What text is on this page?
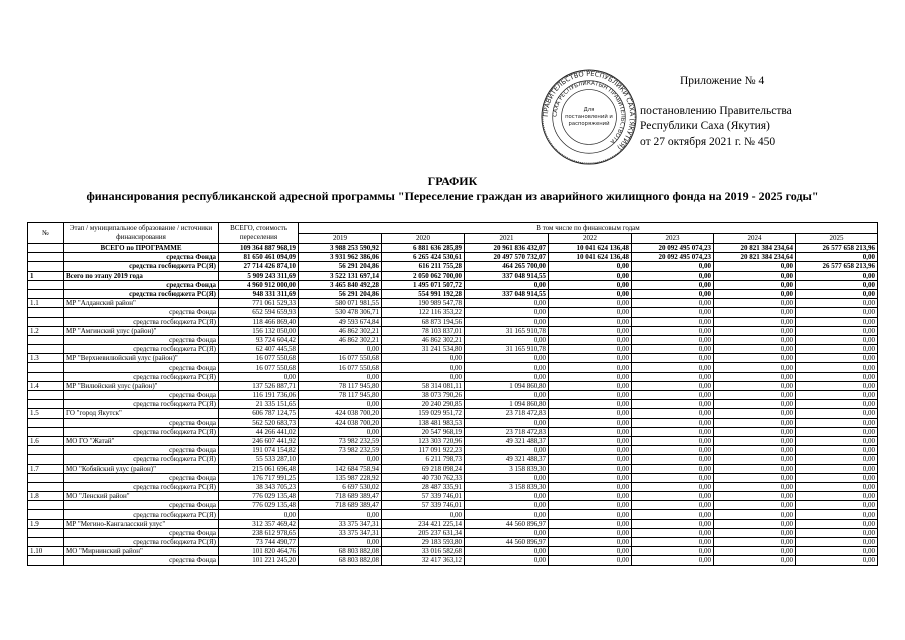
ПРАВИТЕЛЬСТВО РЕСПУБЛИКИ САХА (ЯКУТИЯ)
САХА РЕСПУБЛИКАТЫН ПРАВИТЕЛЬСТВОТА
Для
постановлений и
распоряжений
Приложение № 4
постановлению Правительства
Республики Саха (Якутия)
от 27 октября 2021 г. № 450
ГРАФИК
финансирования республиканской адресной программы "Переселение граждан из аварийного жилищного фонда на 2019 - 2025 годы"
№	Этап / муниципальное образование / источники финансирования	ВСЕГО, стоимость переселения	В том числе по финансовым годам						
			2019	2020	2021	2022	2023	2024	2025
	ВСЕГО по ПРОГРАММЕ	109 364 887 968,19	3 988 253 590,92	6 881 636 285,89	20 961 836 432,07	10 041 624 136,48	20 092 495 074,23	20 821 384 234,64	26 577 658 213,96
	средства Фонда	81 650 461 094,09	3 931 962 386,06	6 265 424 530,61	20 497 570 732,07	10 041 624 136,48	20 092 495 074,23	20 821 384 234,64	0,00
	средства госбюджета РС(Я)	27 714 426 874,10	56 291 204,86	616 211 755,28	464 265 700,00	0,00	0,00	0,00	26 577 658 213,96
1	Всего по этапу 2019 года	5 909 243 311,69	3 522 131 697,14	2 050 062 700,00	337 048 914,55	0,00	0,00	0,00	0,00
	средства Фонда	4 960 912 000,00	3 465 840 492,28	1 495 071 507,72	0,00	0,00	0,00	0,00	0,00
	средства госбюджета РС(Я)	948 331 311,69	56 291 204,86	554 991 192,28	337 048 914,55	0,00	0,00	0,00	0,00
1.1	МР "Алданский район"	771 061 529,33	580 071 981,55	190 989 547,78	0,00	0,00	0,00	0,00	0,00
	средства Фонда	652 594 659,93	530 478 306,71	122 116 353,22	0,00	0,00	0,00	0,00	0,00
	средства госбюджета РС(Я)	118 466 869,40	49 593 674,84	68 873 194,56	0,00	0,00	0,00	0,00	0,00
1.2	МР "Амгинский улус (район)"	156 132 050,00	46 862 302,21	78 103 837,01	31 165 910,78	0,00	0,00	0,00	0,00
	средства Фонда	93 724 604,42	46 862 302,21	46 862 302,21	0,00	0,00	0,00	0,00	0,00
	средства госбюджета РС(Я)	62 407 445,58	0,00	31 241 534,80	31 165 910,78	0,00	0,00	0,00	0,00
1.3	МР "Верхневилюйский улус (район)"	16 077 550,68	16 077 550,68	0,00	0,00	0,00	0,00	0,00	0,00
	средства Фонда	16 077 550,68	16 077 550,68	0,00	0,00	0,00	0,00	0,00	0,00
	средства госбюджета РС(Я)	0,00	0,00	0,00	0,00	0,00	0,00	0,00	0,00
1.4	МР "Вилюйский улус (район)"	137 526 887,71	78 117 945,80	58 314 081,11	1 094 860,80	0,00	0,00	0,00	0,00
	средства Фонда	116 191 736,06	78 117 945,80	38 073 790,26	0,00	0,00	0,00	0,00	0,00
	средства госбюджета РС(Я)	21 335 151,65	0,00	20 240 290,85	1 094 860,80	0,00	0,00	0,00	0,00
1.5	ГО "город Якутск"	606 787 124,75	424 038 700,20	159 029 951,72	23 718 472,83	0,00	0,00	0,00	0,00
	средства Фонда	562 520 683,73	424 038 700,20	138 481 983,53	0,00	0,00	0,00	0,00	0,00
	средства госбюджета РС(Я)	44 266 441,02	0,00	20 547 968,19	23 718 472,83	0,00	0,00	0,00	0,00
1.6	МО ГО "Жатай"	246 607 441,92	73 982 232,59	123 303 720,96	49 321 488,37	0,00	0,00	0,00	0,00
	средства Фонда	191 074 154,82	73 982 232,59	117 091 922,23	0,00	0,00	0,00	0,00	0,00
	средства госбюджета РС(Я)	55 533 287,10	0,00	6 211 798,73	49 321 488,37	0,00	0,00	0,00	0,00
1.7	МО "Кобяйский улус (район)"	215 061 696,48	142 684 758,94	69 218 098,24	3 158 839,30	0,00	0,00	0,00	0,00
	средства Фонда	176 717 991,25	135 987 228,92	40 730 762,33	0,00	0,00	0,00	0,00	0,00
	средства госбюджета РС(Я)	38 343 705,23	6 697 530,02	28 487 335,91	3 158 839,30	0,00	0,00	0,00	0,00
1.8	МО "Ленский район"	776 029 135,48	718 689 389,47	57 339 746,01	0,00	0,00	0,00	0,00	0,00
	средства Фонда	776 029 135,48	718 689 389,47	57 339 746,01	0,00	0,00	0,00	0,00	0,00
	средства госбюджета РС(Я)	0,00	0,00	0,00	0,00	0,00	0,00	0,00	0,00
1.9	МР "Мегино-Кангаласский улус"	312 357 469,42	33 375 347,31	234 421 225,14	44 560 896,97	0,00	0,00	0,00	0,00
	средства Фонда	238 612 978,65	33 375 347,31	205 237 631,34	0,00	0,00	0,00	0,00	0,00
	средства госбюджета РС(Я)	73 744 490,77	0,00	29 183 593,80	44 560 896,97	0,00	0,00	0,00	0,00
1.10	МО "Мирнинский район"	101 820 464,76	68 803 882,08	33 016 582,68	0,00	0,00	0,00	0,00	0,00
	средства Фонда	101 221 245,20	68 803 882,08	32 417 363,12	0,00	0,00	0,00	0,00	0,00
